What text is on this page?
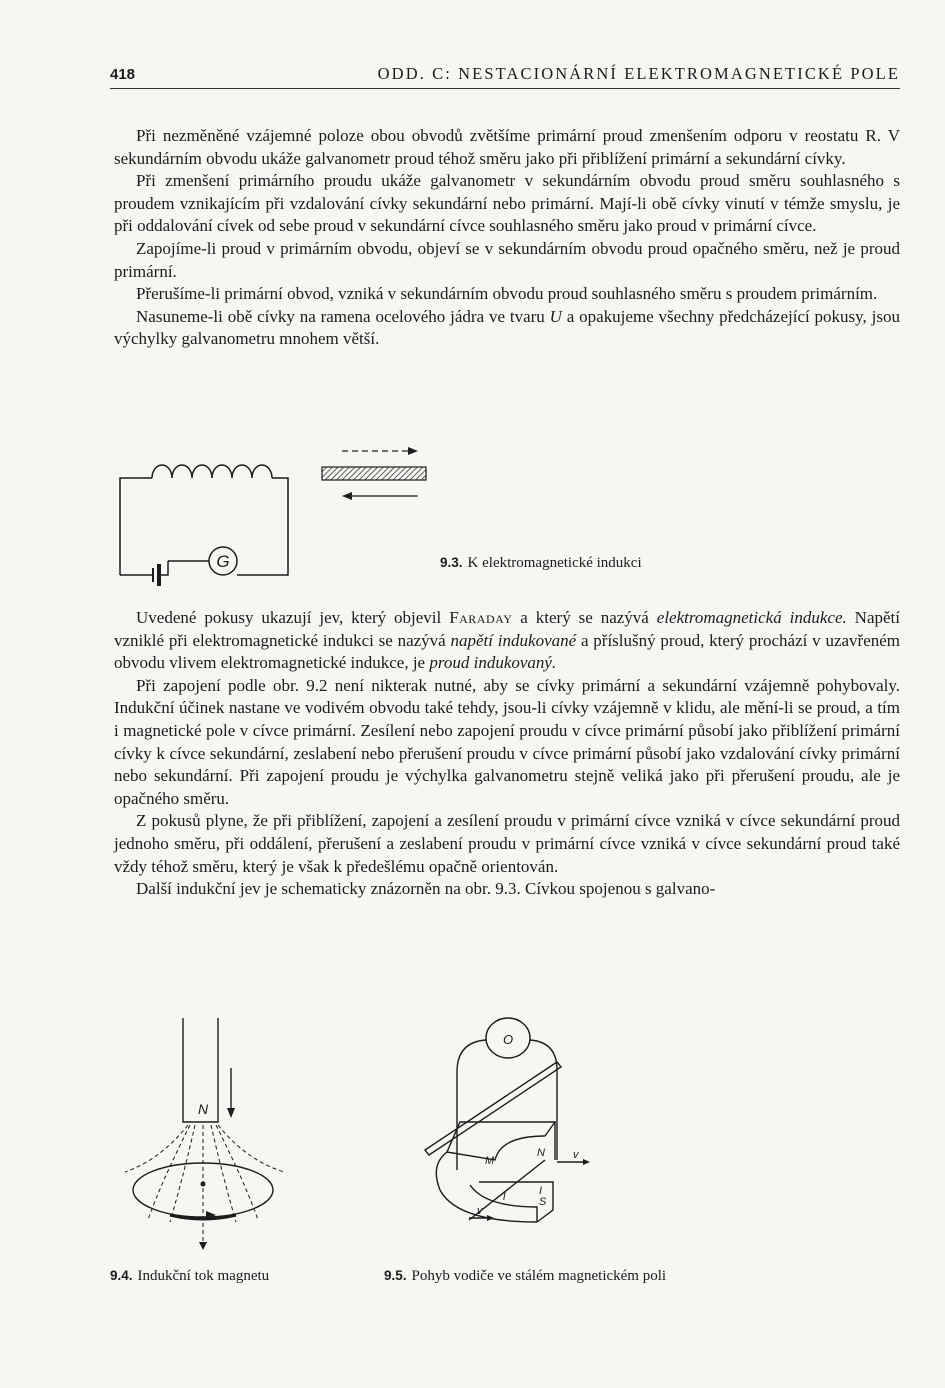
418	ODD. C: NESTACIONÁRNÍ ELEKTROMAGNETICKÉ POLE

Při nezměněné vzájemné poloze obou obvodů zvětšíme primární proud zmenšením odporu v reostatu R. V sekundárním obvodu ukáže galvanometr proud téhož směru jako při přiblížení primární a sekundární cívky.

Při zmenšení primárního proudu ukáže galvanometr v sekundárním obvodu proud směru souhlasného s proudem vznikajícím při vzdalování cívky sekundární nebo primární. Mají-li obě cívky vinutí v témže smyslu, je při oddalování cívek od sebe proud v sekundární cívce souhlasného směru jako proud v primární cívce.

Zapojíme-li proud v primárním obvodu, objeví se v sekundárním obvodu proud opačného směru, než je proud primární.

Přerušíme-li primární obvod, vzniká v sekundárním obvodu proud souhlasného směru s proudem primárním.

Nasuneme-li obě cívky na ramena ocelového jádra ve tvaru U a opakujeme všechny předcházející pokusy, jsou výchylky galvanometru mnohem větší.

G	9.3. K elektromagnetické indukci

Uvedené pokusy ukazují jev, který objevil Faraday a který se nazývá elektromagnetická indukce. Napětí vzniklé při elektromagnetické indukci se nazývá napětí indukované a příslušný proud, který prochází v uzavřeném obvodu vlivem elektromagnetické indukce, je proud indukovaný.

Při zapojení podle obr. 9.2 není nikterak nutné, aby se cívky primární a sekundární vzájemně pohybovaly. Indukční účinek nastane ve vodivém obvodu také tehdy, jsou-li cívky vzájemně v klidu, ale mění-li se proud, a tím i magnetické pole v cívce primární. Zesílení nebo zapojení proudu v cívce primární působí jako přiblížení primární cívky k cívce sekundární, zeslabení nebo přerušení proudu v cívce primární působí jako vzdalování cívky primární nebo sekundární. Při zapojení proudu je výchylka galvanometru stejně veliká jako při přerušení proudu, ale je opačného směru.

Z pokusů plyne, že při přiblížení, zapojení a zesílení proudu v primární cívce vzniká v cívce sekundární proud jednoho směru, při oddálení, přerušení a zeslabení proudu v primární cívce vzniká v cívce sekundární proud také vždy téhož směru, který je však k předešlému opačně orientován.

Další indukční jev je schematicky znázorněn na obr. 9.3. Cívkou spojenou s galvano-

N
9.4. Indukční tok magnetu
O
M
N
S
v
v
l	I
9.5. Pohyb vodiče ve stálém magnetickém poli
